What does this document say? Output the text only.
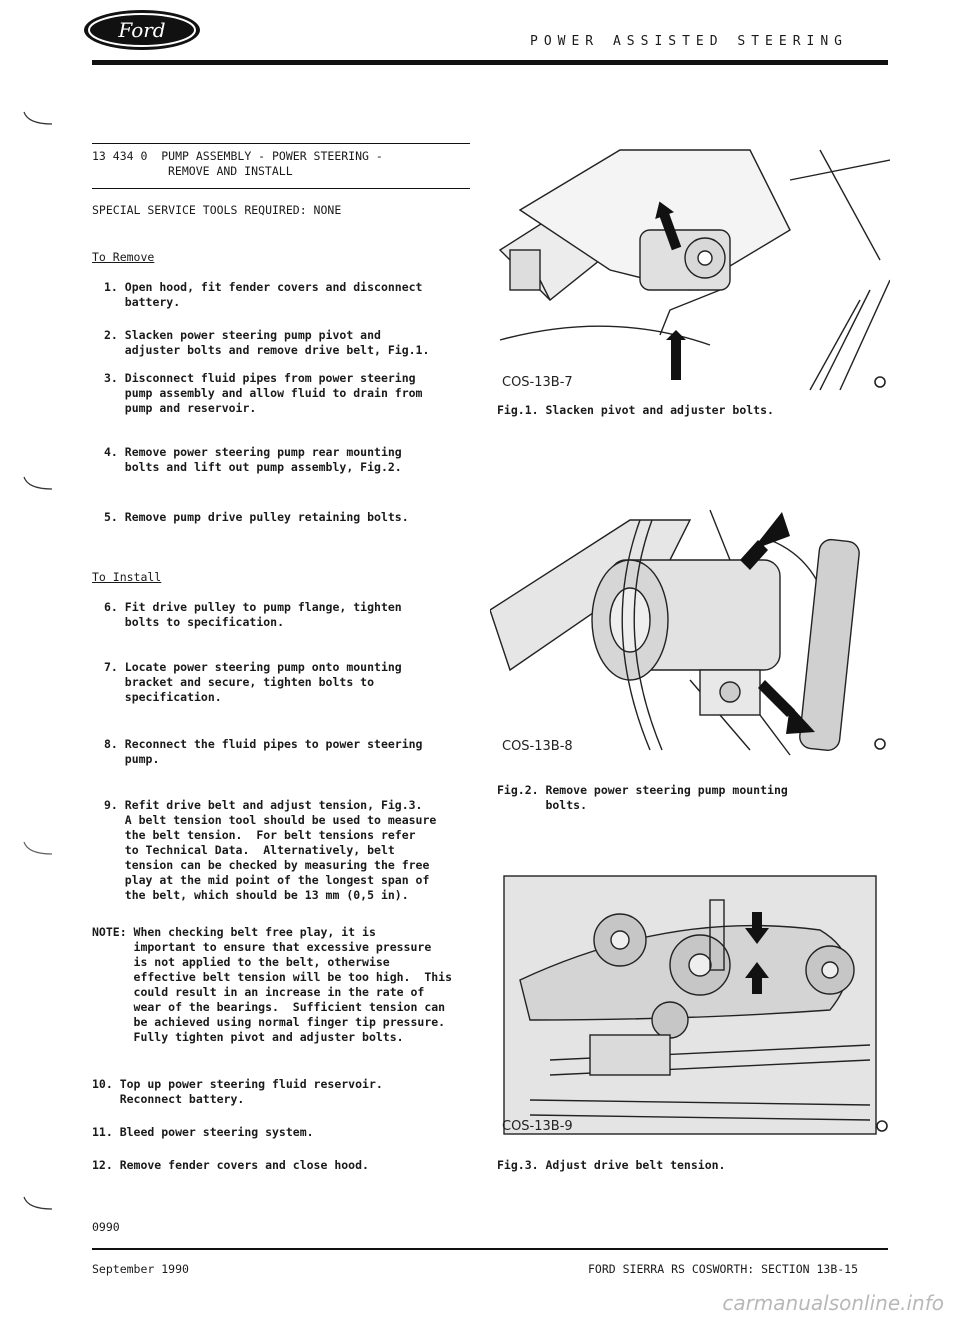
Ford	POWER ASSISTED STEERING
13 434 0  PUMP ASSEMBLY - POWER STEERING -
REMOVE AND INSTALL
SPECIAL SERVICE TOOLS REQUIRED: NONE
To Remove
1. Open hood, fit fender covers and disconnect
battery.
2. Slacken power steering pump pivot and
adjuster bolts and remove drive belt, Fig.1.
3. Disconnect fluid pipes from power steering
pump assembly and allow fluid to drain from
pump and reservoir.
4. Remove power steering pump rear mounting
bolts and lift out pump assembly, Fig.2.
5. Remove pump drive pulley retaining bolts.
To Install
6. Fit drive pulley to pump flange, tighten
bolts to specification.
7. Locate power steering pump onto mounting
bracket and secure, tighten bolts to
specification.
8. Reconnect the fluid pipes to power steering
pump.
9. Refit drive belt and adjust tension, Fig.3.
A belt tension tool should be used to measure
the belt tension.  For belt tensions refer
to Technical Data.  Alternatively, belt
tension can be checked by measuring the free
play at the mid point of the longest span of
the belt, which should be 13 mm (0,5 in).
NOTE: When checking belt free play, it is
important to ensure that excessive pressure
is not applied to the belt, otherwise
effective belt tension will be too high.  This
could result in an increase in the rate of
wear of the bearings.  Sufficient tension can
be achieved using normal finger tip pressure.
Fully tighten pivot and adjuster bolts.
10. Top up power steering fluid reservoir.
Reconnect battery.
11. Bleed power steering system.
12. Remove fender covers and close hood.
COS-13B-7
Fig.1. Slacken pivot and adjuster bolts.
COS-13B-8
Fig.2. Remove power steering pump mounting
bolts.
COS-13B-9
Fig.3. Adjust drive belt tension.
0990
September 1990	FORD SIERRA RS COSWORTH: SECTION 13B-15
carmanualsonline.info
